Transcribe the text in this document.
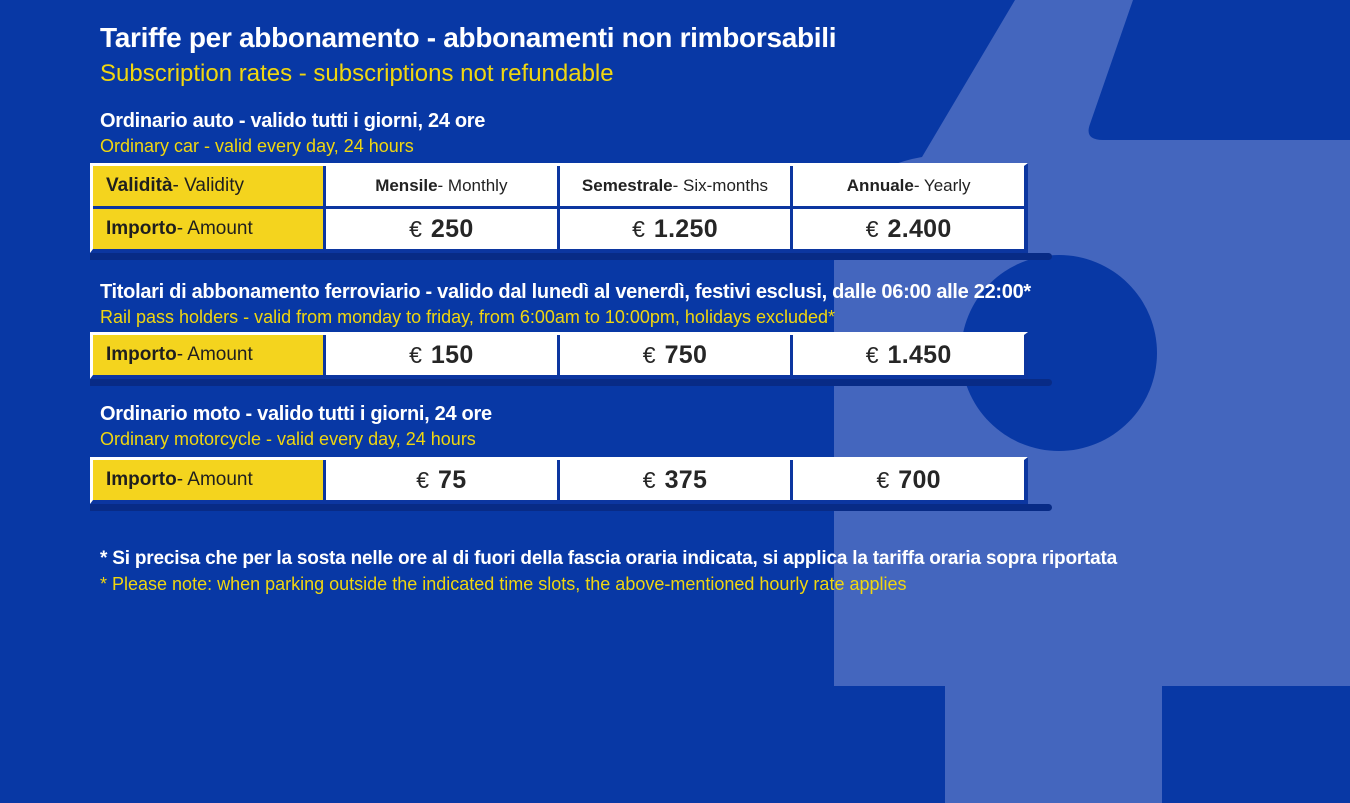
Tariffe per abbonamento - abbonamenti non rimborsabili
Subscription rates - subscriptions not refundable
Ordinario auto - valido tutti i giorni, 24 ore
Ordinary car - valid every day, 24 hours
Validità - Validity	Mensile - Monthly	Semestrale - Six-months	Annuale - Yearly
Importo - Amount	€ 250	€ 1.250	€ 2.400
Titolari di abbonamento ferroviario - valido dal lunedì al venerdì, festivi esclusi, dalle 06:00 alle 22:00*
Rail pass holders - valid from monday to friday, from 6:00am to 10:00pm, holidays excluded*
Importo - Amount	€ 150	€ 750	€ 1.450
Ordinario moto - valido tutti i giorni, 24 ore
Ordinary motorcycle - valid every day, 24 hours
Importo - Amount	€ 75	€ 375	€ 700
* Si precisa che per la sosta nelle ore al di fuori della fascia oraria indicata, si applica la tariffa oraria sopra riportata
* Please note: when parking outside the indicated time slots, the above-mentioned hourly rate applies
